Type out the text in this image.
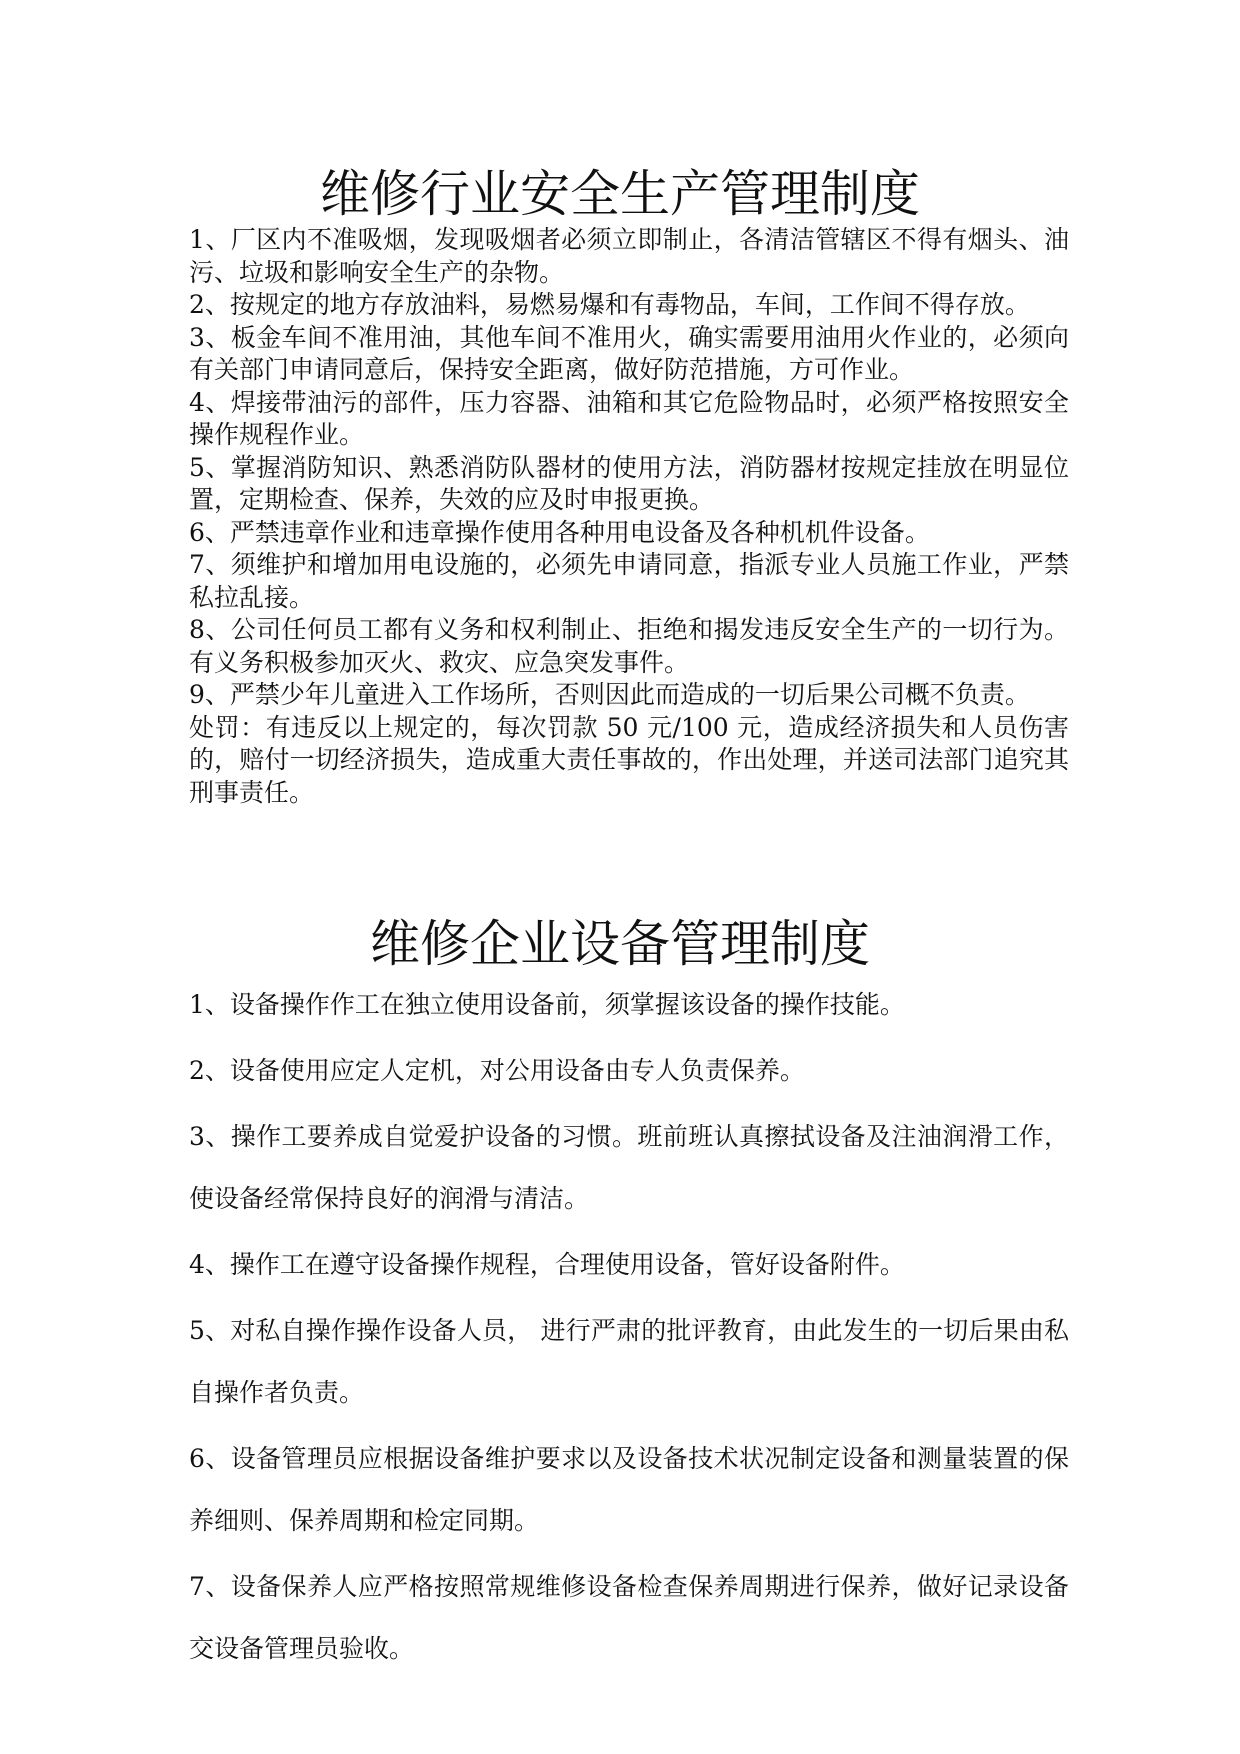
维修行业安全生产管理制度

1、厂区内不准吸烟，发现吸烟者必须立即制止，各清洁管辖区不得有烟头、油污、垃圾和影响安全生产的杂物。

2、按规定的地方存放油料，易燃易爆和有毒物品，车间，工作间不得存放。

3、板金车间不准用油，其他车间不准用火，确实需要用油用火作业的，必须向有关部门申请同意后，保持安全距离，做好防范措施，方可作业。

4、焊接带油污的部件，压力容器、油箱和其它危险物品时，必须严格按照安全操作规程作业。

5、掌握消防知识、熟悉消防队器材的使用方法，消防器材按规定挂放在明显位置，定期检查、保养，失效的应及时申报更换。

6、严禁违章作业和违章操作使用各种用电设备及各种机机件设备。

7、须维护和增加用电设施的，必须先申请同意，指派专业人员施工作业，严禁私拉乱接。

8、公司任何员工都有义务和权利制止、拒绝和揭发违反安全生产的一切行为。有义务积极参加灭火、救灾、应急突发事件。

9、严禁少年儿童进入工作场所，否则因此而造成的一切后果公司概不负责。

处罚：有违反以上规定的，每次罚款 50 元/100 元，造成经济损失和人员伤害的，赔付一切经济损失，造成重大责任事故的，作出处理，并送司法部门追究其刑事责任。

维修企业设备管理制度

1、设备操作作工在独立使用设备前，须掌握该设备的操作技能。

2、设备使用应定人定机，对公用设备由专人负责保养。

3、操作工要养成自觉爱护设备的习惯。班前班认真擦拭设备及注油润滑工作，使设备经常保持良好的润滑与清洁。

4、操作工在遵守设备操作规程，合理使用设备，管好设备附件。

5、对私自操作操作设备人员， 进行严肃的批评教育，由此发生的一切后果由私自操作者负责。

6、设备管理员应根据设备维护要求以及设备技术状况制定设备和测量装置的保养细则、保养周期和检定同期。

7、设备保养人应严格按照常规维修设备检查保养周期进行保养，做好记录设备交设备管理员验收。
